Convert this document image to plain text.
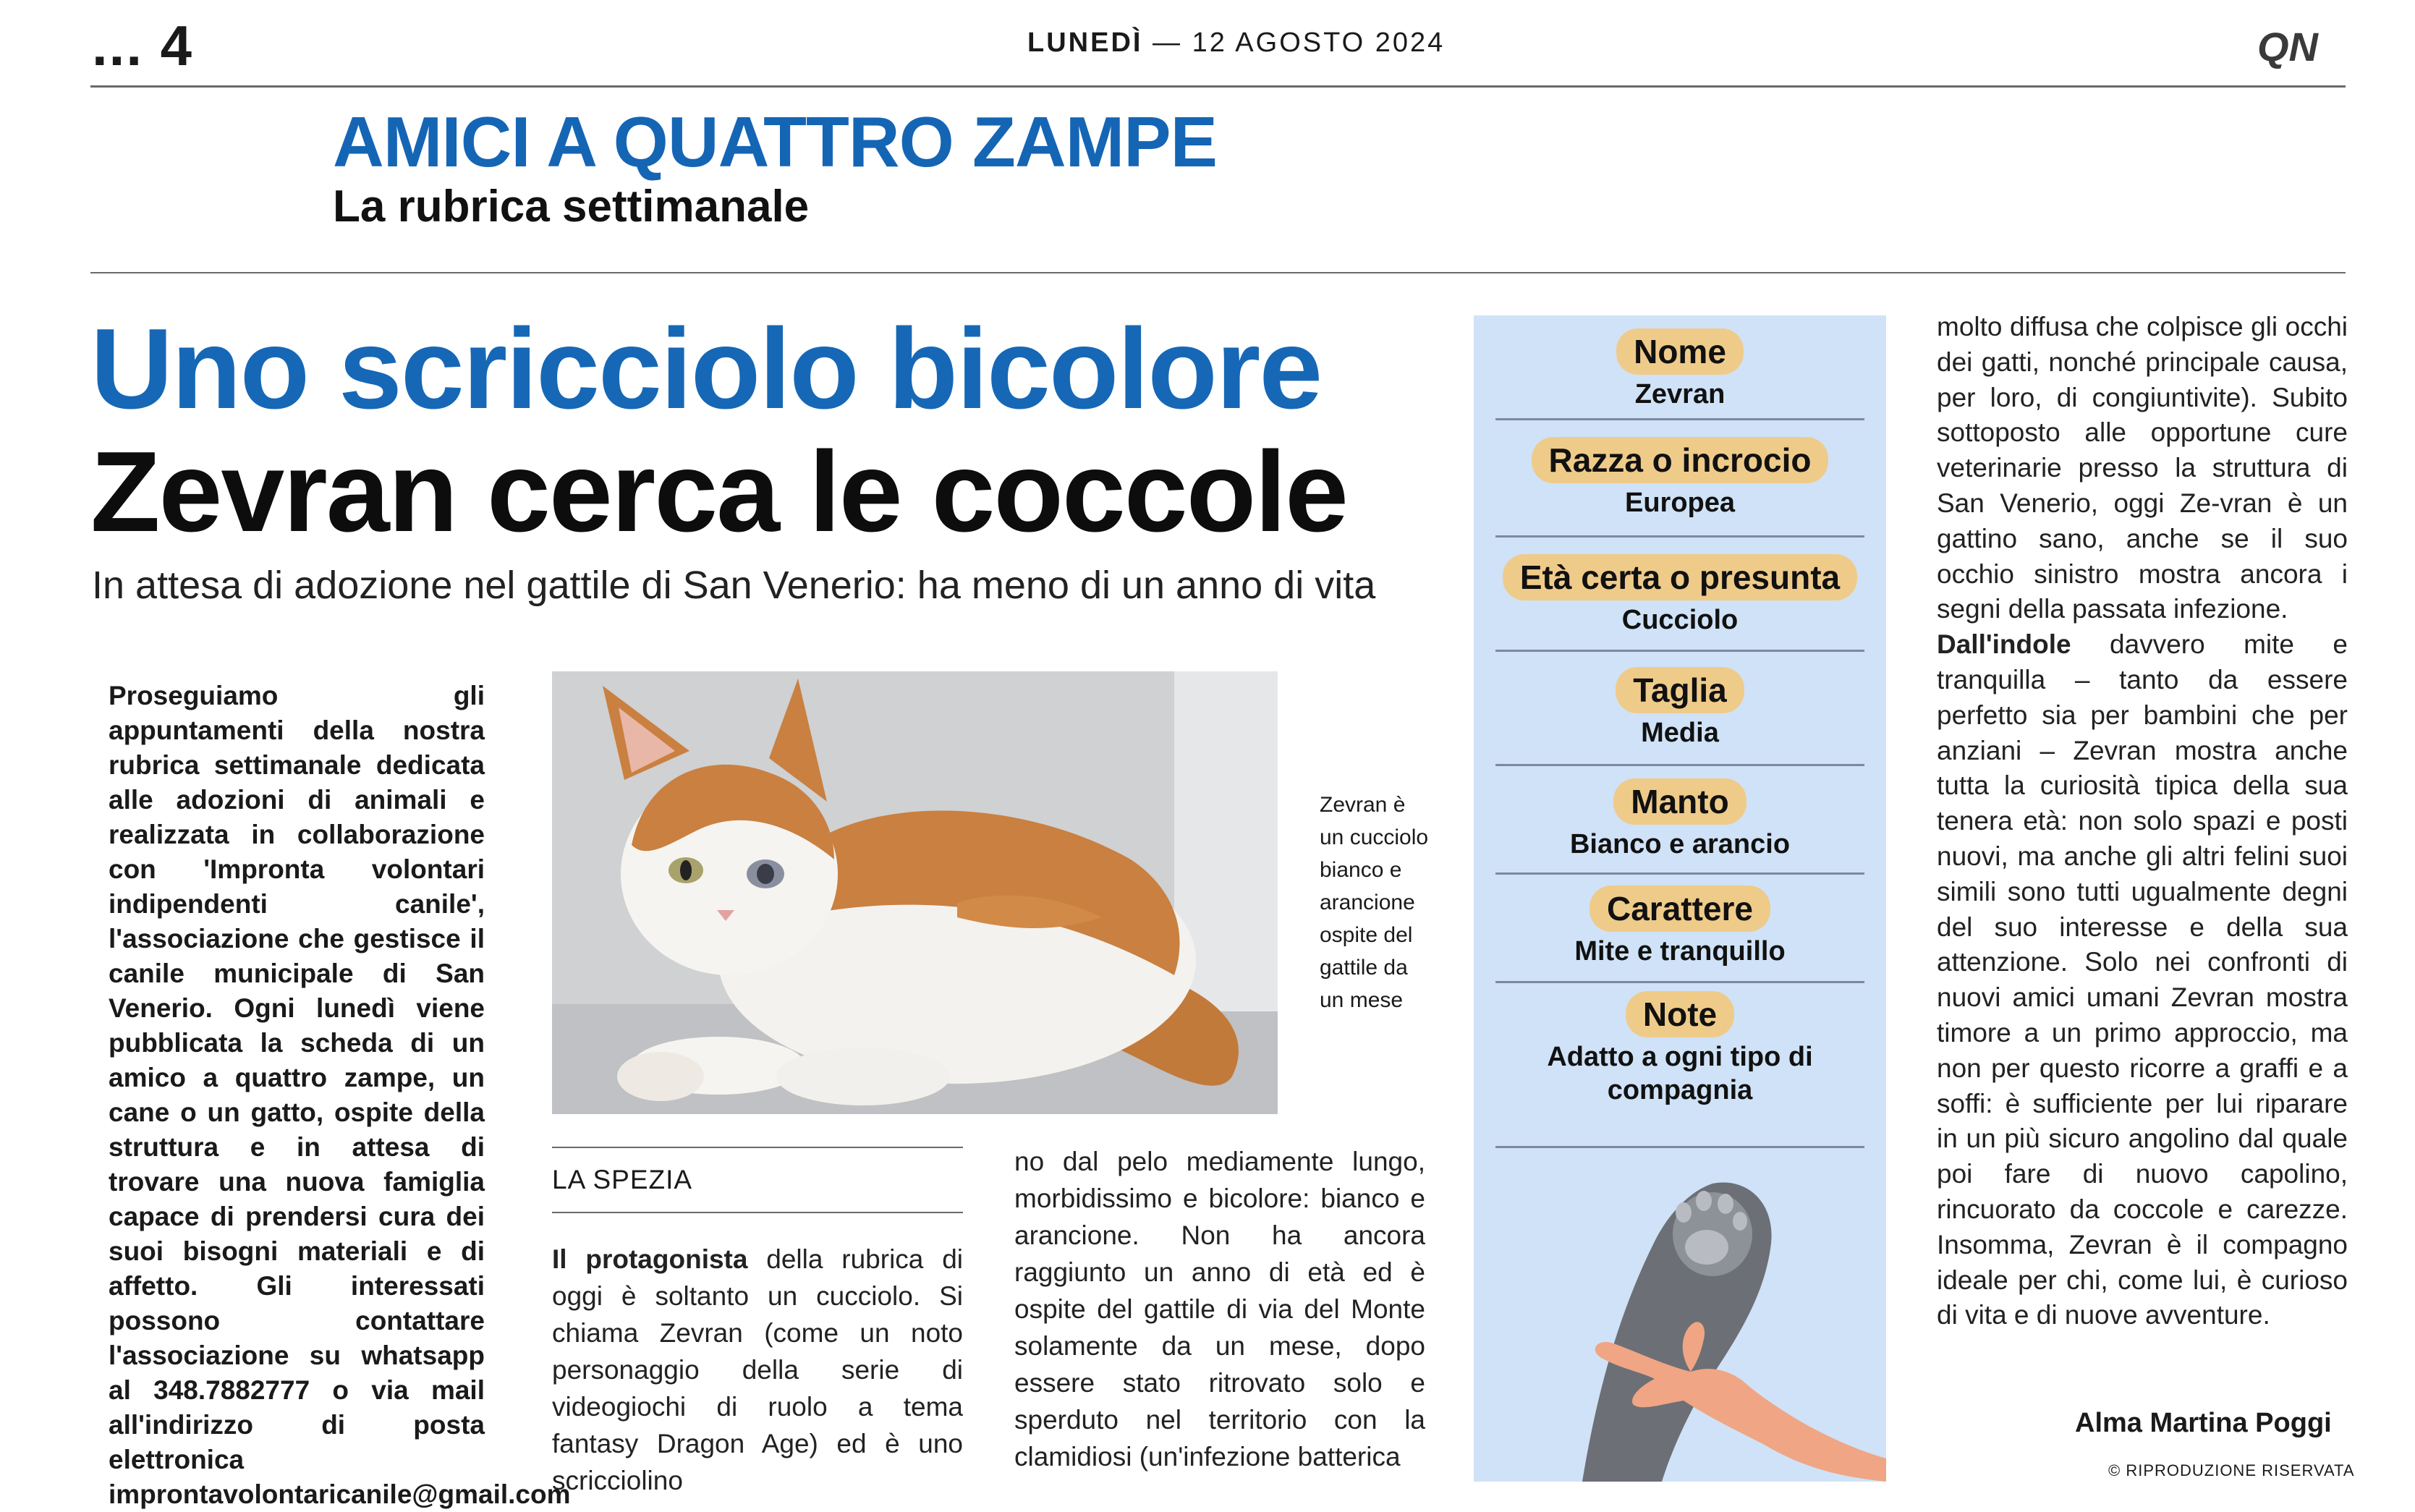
... 4	LUNEDÌ — 12 AGOSTO 2024	QN
AMICI A QUATTRO ZAMPE
La rubrica settimanale
Uno scricciolo bicolore
Zevran cerca le coccole
In attesa di adozione nel gattile di San Venerio: ha meno di un anno di vita
Proseguiamo gli appuntamenti della nostra rubrica settimanale dedicata alle adozioni di animali e realizzata in collaborazione con 'Impronta volontari indipendenti canile', l'associazione che gestisce il canile municipale di San Venerio. Ogni lunedì viene pubblicata la scheda di un amico a quattro zampe, un cane o un gatto, ospite della struttura e in attesa di trovare una nuova famiglia capace di prendersi cura dei suoi bisogni materiali e di affetto. Gli interessati possono contattare l'associazione su whatsapp al 348.7882777 o via mail all'indirizzo di posta elettronica improntavolontaricanile@gmail.com
Zevran è un cucciolo bianco e arancione ospite del gattile da un mese
LA SPEZIA
Il protagonista della rubrica di oggi è soltanto un cucciolo. Si chiama Zevran (come un noto personaggio della serie di videogiochi di ruolo a tema fantasy Dragon Age) ed è uno scricciolino
no dal pelo mediamente lungo, morbidissimo e bicolore: bianco e arancione. Non ha ancora raggiunto un anno di età ed è ospite del gattile di via del Monte solamente da un mese, dopo essere stato ritrovato solo e sperduto nel territorio con la clamidiosi (un'infezione batterica
molto diffusa che colpisce gli occhi dei gatti, nonché principale causa, per loro, di congiuntivite). Subito sottoposto alle opportune cure veterinarie presso la struttura di San Venerio, oggi Ze-vran è un gattino sano, anche se il suo occhio sinistro mostra ancora i segni della passata infezione.
Dall'indole davvero mite e tranquilla – tanto da essere perfetto sia per bambini che per anziani – Zevran mostra anche tutta la curiosità tipica della sua tenera età: non solo spazi e posti nuovi, ma anche gli altri felini suoi simili sono tutti ugualmente degni del suo interesse e della sua attenzione. Solo nei confronti di nuovi amici umani Zevran mostra timore a un primo approccio, ma non per questo ricorre a graffi e a soffi: è sufficiente per lui riparare in un più sicuro angolino dal quale poi fare di nuovo capolino, rincuorato da coccole e carezze. Insomma, Zevran è il compagno ideale per chi, come lui, è curioso di vita e di nuove avventure.
Nome
Zevran
Razza o incrocio
Europea
Età certa o presunta
Cucciolo
Taglia
Media
Manto
Bianco e arancio
Carattere
Mite e tranquillo
Note
Adatto a ogni tipo di compagnia
Alma Martina Poggi
© RIPRODUZIONE RISERVATA
